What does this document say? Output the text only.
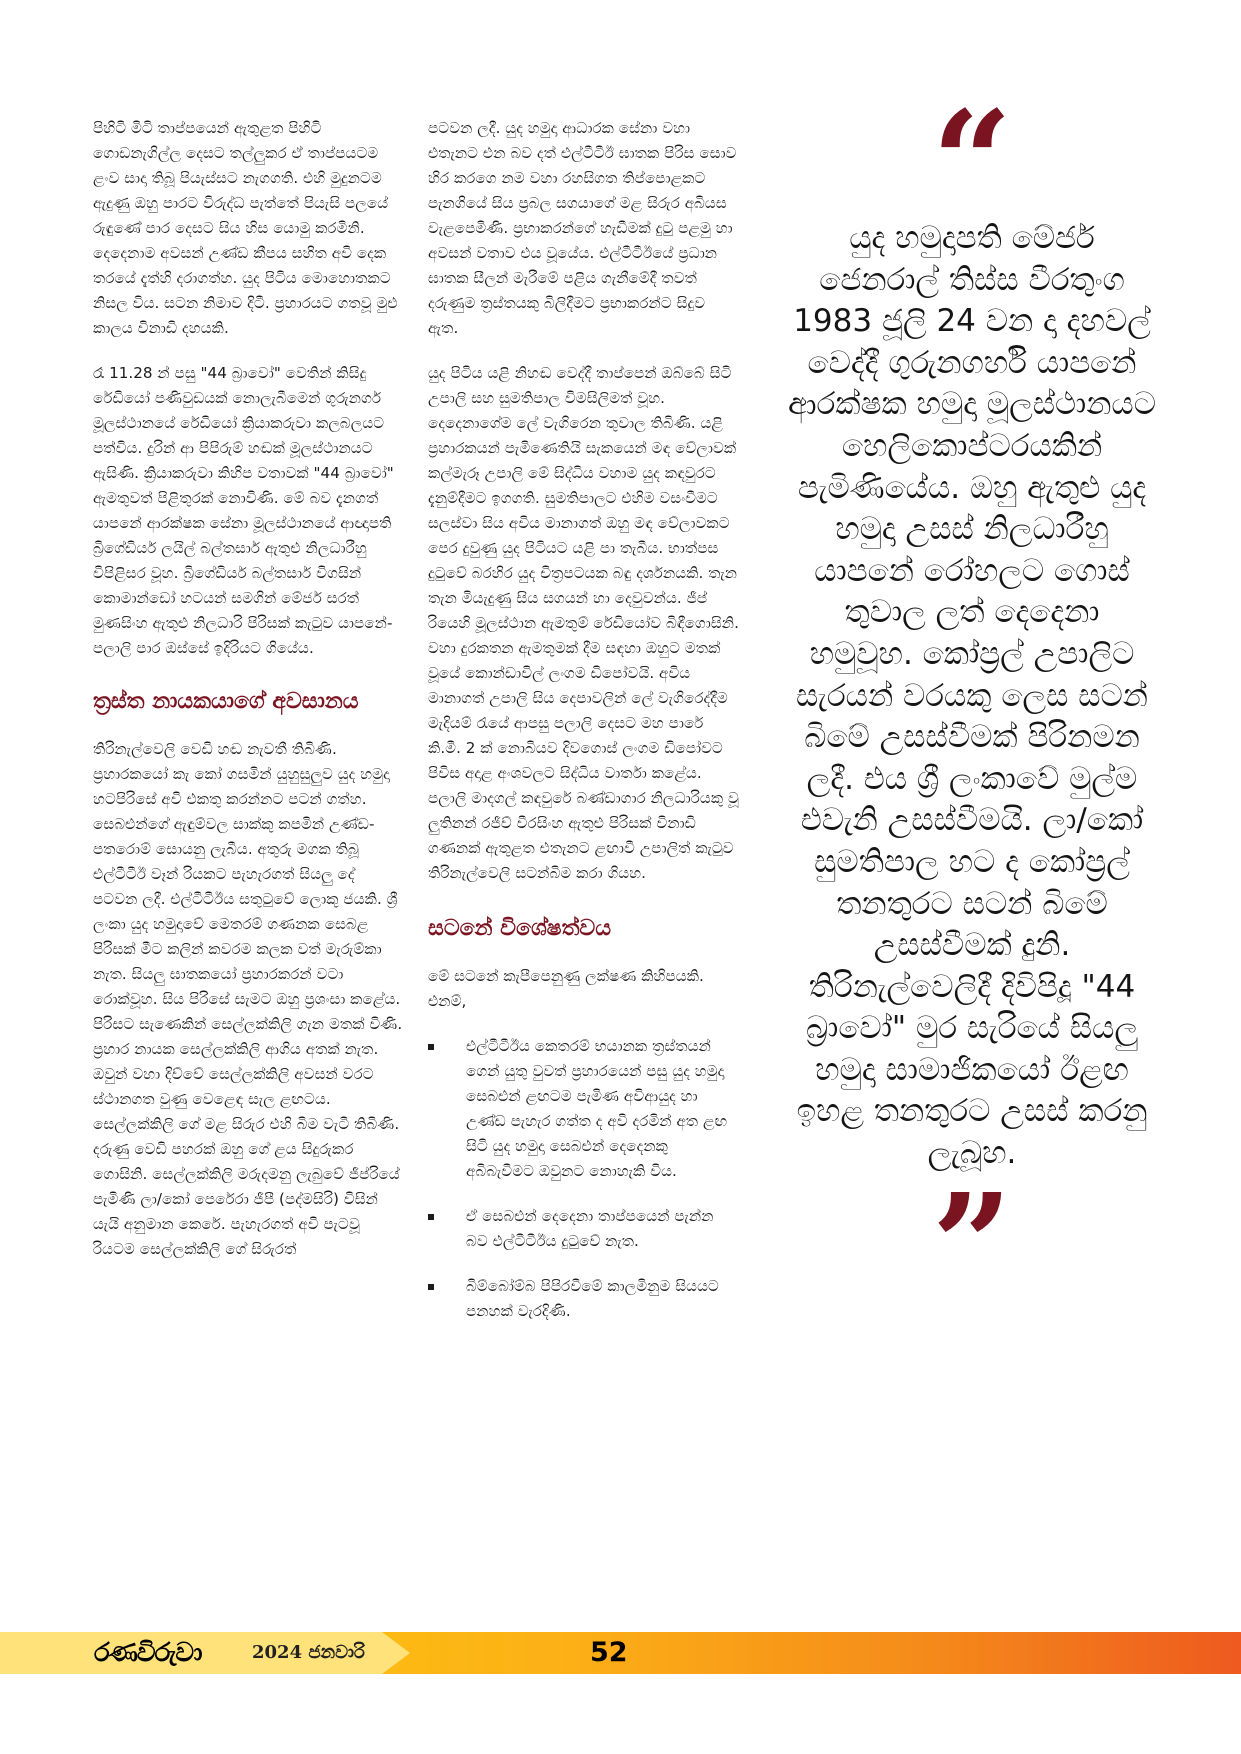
පිහිටි මිටි තාප්පයෙන් ඇතුළත පිහිටි ගොඩනැගිල්ල දෙසට තල්ලුකර ඒ තාප්පයටම ළංව සාදා තිබූ පියැස්සට නැගගති. එහි මුදුනටම ඇදුණු ඔහු පාරට විරුද්ධ පැත්තේ පියැසි පලයේ රුඳුණේ පාර දෙසට සිය හිස යොමු කරමිනි. දෙදෙනාම අවසන් උණ්ඩ කීපය සහිත අවි දෙක තරයේ දැත්හි දරාගත්හ. යුද පිටිය මොහොතකට නිසල විය. සටන නිමාව දිටී. ප්‍රහාරයට ගතවූ මුළු කාලය විනාඩි දහයකි.

රෑ 11.28 න් පසු "44 බ්‍රාවෝ" වෙතින් කිසිදු රේඩියෝ පණිවුඩයක් නොලැබීමෙන් ගුරුනගර් මූලස්ථානයේ රේඩියෝ ක්‍රියාකරුවා කලබලයට පත්විය. දුරින් ආ පිපිරුම් හඬක් මූලස්ථානයට ඇසිණි. ක්‍රියාකරුවා කිහිප වතාවක් "44 බ්‍රාවෝ" ඇමතුවත් පිළිතුරක් නොවිණි. මේ බව දැනගත් යාපනේ ආරක්ෂක සේනා මූලස්ථානයේ ආඥාපති බ්‍රිගේඩියර් ලයිල් බල්තසාර් ඇතුළු නිලධාරීහු විපිළිසර වූහ. බ්‍රිගේඩියර් බල්තසාර් විගසින් කොමාන්ඩෝ හටයන් සමගින් මේජර් සරත් මුණසිංහ ඇතුළු නිලධාරි පිරිසක් කැටුව යාපනේ-පලාලි පාර ඔස්සේ ඉදිරියට ගියේය.

ත්‍රස්ත නායකයාගේ අවසානය

තිරිනැල්වෙලි වෙඩි හඬ නැවතී තිබිණි. ප්‍රහාරකයෝ කැ කෝ ගසමින් යුහුසුලුව යුද හමුදා හටපිරිසේ අවි එකතු කරන්නට පටන් ගත්හ. සෙබළුන්ගේ ඇඳුම්වල සාක්කු කපමින් උණ්ඩ-පතරොම් සොයනු ලැබීය. අතුරු මගක තිබූ එල්ටීටීඊ වෑන් රියකට පැහැරගත් සියලු දේ පටවන ලදී. එල්ටීටීඊය සතුටුවේ ලොකු ජයකි. ශ්‍රී ලංකා යුද හමුදාවේ මෙතරම් ගණනක සෙබළ පිරිසක් මීට කලින් කවරම කලක වත් මැරුම්කා නැත. සියලු ඝාතකයෝ ප්‍රහාරකරන් වටා රොක්වූහ. සිය පිරිසේ සැමට ඔහු ප්‍රශංසා කළේය. පිරිසට සැණෙකින් සෙල්ලක්කිලි ගැන මතක් විණි. ප්‍රහාර නායක සෙල්ලක්කිලි ආගිය අතක් නැත. ඔවුන් වහා දිව්වේ සෙල්ලක්කිලි අවසන් වරට ස්ථානගත වුණු වෙළෙඳ සැල ළඟටය. සෙල්ලක්කිලි ගේ මළ සිරුර එහි බිම වැටී තිබිණි. දරුණු වෙඩි පහරක් ඔහු ගේ ළය සිදුරුකර ගොසිනි. සෙල්ලක්කිලි මරුදමනු ලැබුවේ ජීප්රියේ පැමිණි ලා/කෝ පෙරේරා ජීපී (පද්මසිරි) විසින් යැයි අනුමාන කෙරේ. පැහැරගත් අවි පැටවූ රියටම සෙල්ලක්කිලි ගේ සිරුරත්

පටවන ලදී. යුද හමුදා ආධාරක සේනා වහා එතැනට එන බව දත් එල්ටීටීඊ ඝාතක පිරිස සොව හිර කරගෙ නම වහා රහසිගත තිප්පොළකට පැනගියේ සිය ප්‍රබල සගයාගේ මළ සිරුර අබියස වැළපෙමිණි. ප්‍රභාකරන්ගේ හැඩීමක් දුටු පළමු හා අවසන් වතාව එය වූයේය. එල්ටීටීඊයේ ප්‍රධාන ඝාතක සීලන් මැරීමේ පළිය ගැනීමේදී තවත් දරුණුම ත්‍රස්තයකු බිලිදීමට ප්‍රභාකරන්ට සිදුව ඇත.

යුද පිටිය යළි නිහඬ වෙද්දී තාප්පෙන් ඔබ්බේ සිටි උපාලි සහ සුමතිපාල විමසිලිමත් වූහ. දෙදෙනාගේම ලේ වැගිරෙන තුවාල තිබිණි. යළි ප්‍රහාරකයන් පැමිණෙතියි සැකයෙන් මඳ වේලාවක් කල්මැරූ උපාලි මේ සිද්ධිය වහාම යුද කඳවුරට දැනුම්දීමට ඉගගති. සුමතිපාලට එහිම වසංවීමට සලස්වා සිය අවිය මානාගත් ඔහු මඳ වේලාවකට පෙර දුවුණු යුද පිටියට යළි පා තැබීය. භාත්පස දුටුවේ බරහිර යුද චිත්‍රපටයක බඳු දර්ශනයකි. තැන තැන මියැදුණු සිය සගයන් හා දෙවුවන්ය. ජීප් රියෙහි මූලස්ථාන ඇමතුම් රේඩියෝව බිඳීගොසිනි. වහා දුරකතන ඇමතුමක් දීම සඳහා ඔහුට මතක් වූයේ කොන්ඩාවිල් ලංගම ඩිපෝවයි. අවිය මානාගත් උපාලි සිය දෙපාවලින් ලේ වැගිරෙද්දීම මැදියම් රැයේ ආපසු පලාලි දෙසට මහ පාරේ කි.මී. 2 ක් නොබියව දිවගොස් ලංගම ඩිපෝවට පිවිස අදාළ අංශවලට සිද්ධිය වාර්තා කළේය. පලාලි මාදගල් කඳවුරේ බණ්ඩාගාර නිලධාරියකු වූ ලුතිනන් රජීව් වීරසිංහ ඇතුළු පිරිසක් විනාඩි ගණනක් ඇතුළත එතැනට ළඟාවී උපාලිත් කැටුව තිරිනැල්වෙලි සටන්බිම කරා ගියහ.

සටනේ විශේෂත්වය

මේ සටනේ කැපීපෙනුණු ලක්ෂණ කිහිපයකි. එනම්,

එල්ටීටීඊය කෙතරම් භයානක ත්‍රස්තයන් ගෙන් යුතු වුවත් ප්‍රහාරයෙන් පසු යුද හමුදා සෙබළුන් ළඟටම පැමිණ අවිආයුද හා උණ්ඩ පැහැර ගත්ත ද අවි දරමින් අත ළඟ සිටි යුද හමුදා සෙබළුන් දෙදෙනකු අබිබැවීමට ඔවුනට නොහැකි විය.
ඒ සෙබළුන් දෙදෙනා තාප්පයෙන් පැන්න බව එල්ටීටීඊය දුටුවේ නැත.
බිම්බෝම්බ පිපිරවීමේ කාලමිනුම සියයට පනහක් වැරදිණි.
“

යුද හමුදාපති මේජර් ජෙනරාල් තිස්ස වීරතුංග 1983 ජූලි 24 වන දා දහවල් වෙද්දී ගුරුනගර්හි යාපනේ ආරක්ෂක හමුදා මූලස්ථානයට හෙලිකොප්ටරයකින් පැමිණියේය. ඔහු ඇතුළු යුද හමුදා උසස් නිලධාරීහු යාපනේ රෝහලට ගොස් තුවාල ලත් දෙදෙනා හමුවූහ. කෝප්‍රල් උපාලිට සැරයන් වරයකු ලෙස සටන් බිමේ උසස්වීමක් පිරිනමන ලදී. එය ශ්‍රී ලංකාවේ මුල්ම එවැනි උසස්වීමයි. ලා/කෝ සුමතිපාල හට ද කෝප්‍රල් තනතුරට සටන් බිමේ උසස්වීමක් දුනි. තිරිනැල්වෙලිදී දිවිපිදූ "44 බ්‍රාවෝ" මුර සැරියේ සියලු හමුදා සාමාජිකයෝ ඊළඟ ඉහළ තනතුරට උසස් කරනු ලැබූහ.

”
රණවිරුවා	2024 ජනවාරි	52
